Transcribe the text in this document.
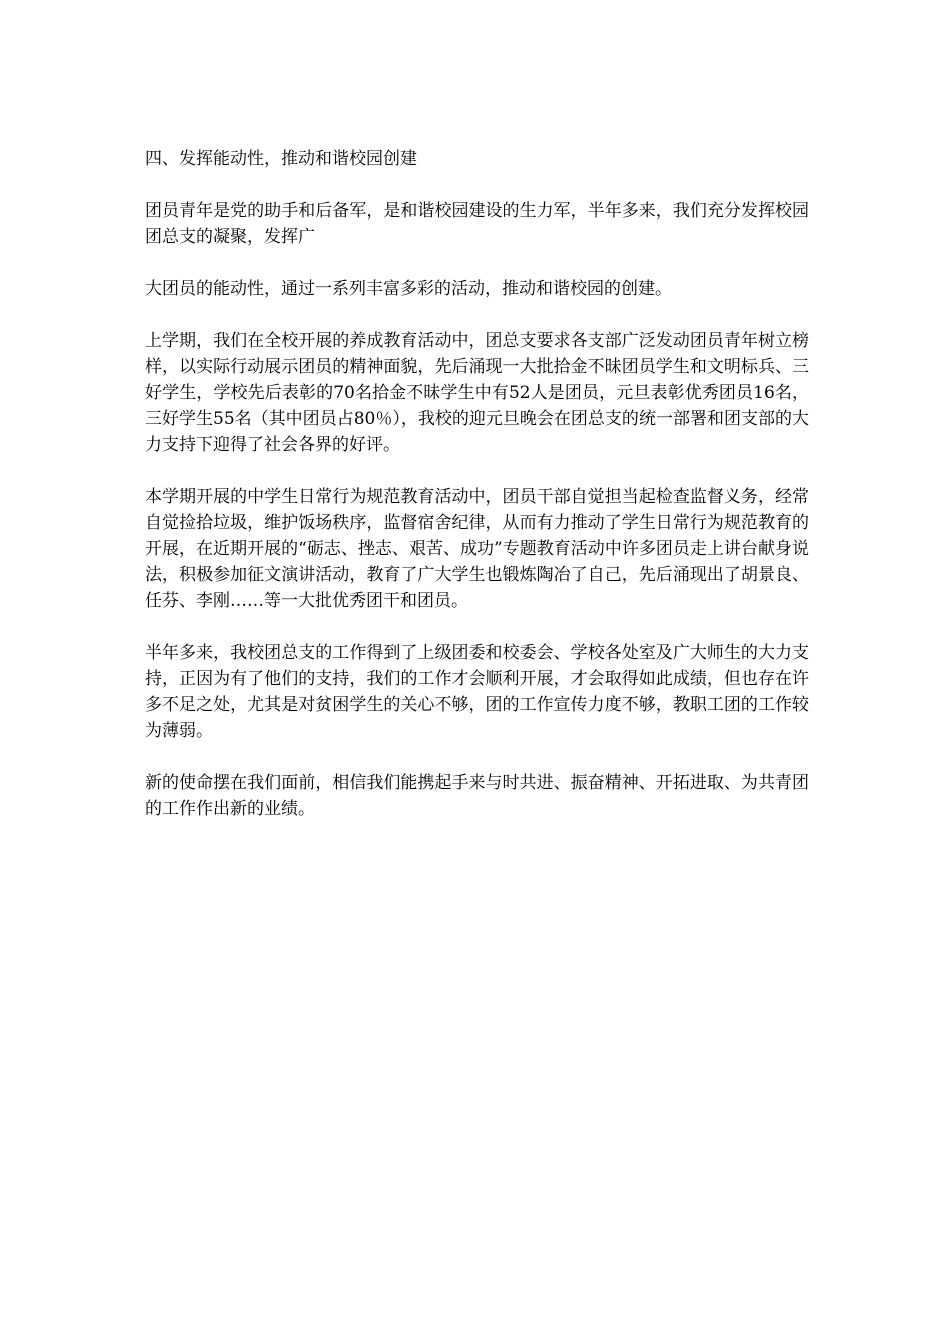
四、发挥能动性，推动和谐校园创建

团员青年是党的助手和后备军，是和谐校园建设的生力军，半年多来，我们充分发挥校园团总支的凝聚，发挥广

大团员的能动性，通过一系列丰富多彩的活动，推动和谐校园的创建。

上学期，我们在全校开展的养成教育活动中，团总支要求各支部广泛发动团员青年树立榜样，以实际行动展示团员的精神面貌，先后涌现一大批拾金不昧团员学生和文明标兵、三好学生，学校先后表彰的70名拾金不昧学生中有52人是团员，元旦表彰优秀团员16名，三好学生55名（其中团员占80％），我校的迎元旦晚会在团总支的统一部署和团支部的大力支持下迎得了社会各界的好评。

本学期开展的中学生日常行为规范教育活动中，团员干部自觉担当起检查监督义务，经常自觉捡拾垃圾，维护饭场秩序，监督宿舍纪律，从而有力推动了学生日常行为规范教育的开展，在近期开展的“砺志、挫志、艰苦、成功”专题教育活动中许多团员走上讲台献身说法，积极参加征文演讲活动，教育了广大学生也锻炼陶冶了自己，先后涌现出了胡景良、任芬、李刚……等一大批优秀团干和团员。

半年多来，我校团总支的工作得到了上级团委和校委会、学校各处室及广大师生的大力支持，正因为有了他们的支持，我们的工作才会顺利开展，才会取得如此成绩，但也存在许多不足之处，尤其是对贫困学生的关心不够，团的工作宣传力度不够，教职工团的工作较为薄弱。

新的使命摆在我们面前，相信我们能携起手来与时共进、振奋精神、开拓进取、为共青团的工作作出新的业绩。
